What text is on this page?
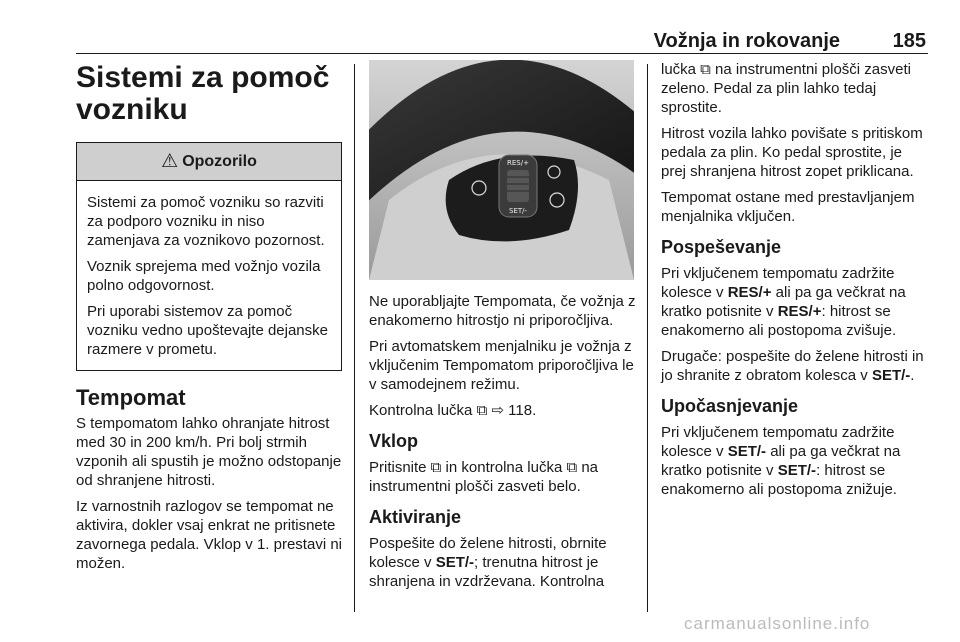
Vožnja in rokovanje	185
Sistemi za pomoč
vozniku
⚠ Opozorilo

Sistemi za pomoč vozniku so razviti za podporo vozniku in niso zamenjava za voznikovo pozornost.

Voznik sprejema med vožnjo vozila polno odgovornost.

Pri uporabi sistemov za pomoč vozniku vedno upoštevajte dejanske razmere v prometu.

Tempomat

S tempomatom lahko ohranjate hitrost med 30 in 200 km/h. Pri bolj strmih vzponih ali spustih je možno odstopanje od shranjene hitrosti.

Iz varnostnih razlogov se tempomat ne aktivira, dokler vsaj enkrat ne pritisnete zavornega pedala. Vklop v 1. prestavi ni možen.

RES/+
SET/-

Ne uporabljajte Tempomata, če vožnja z enakomerno hitrostjo ni priporočljiva.

Pri avtomatskem menjalniku je vožnja z vključenim Tempomatom priporočljiva le v samodejnem režimu.

Kontrolna lučka ⧉ ⇨ 118.

Vklop

Pritisnite ⧉ in kontrolna lučka ⧉ na instrumentni plošči zasveti belo.

Aktiviranje

Pospešite do želene hitrosti, obrnite kolesce v SET/-; trenutna hitrost je shranjena in vzdrževana. Kontrolna

lučka ⧉ na instrumentni plošči zasveti zeleno. Pedal za plin lahko tedaj sprostite.

Hitrost vozila lahko povišate s pritiskom pedala za plin. Ko pedal sprostite, je prej shranjena hitrost zopet priklicana.

Tempomat ostane med prestavljanjem menjalnika vključen.

Pospeševanje

Pri vključenem tempomatu zadržite kolesce v RES/+ ali pa ga večkrat na kratko potisnite v RES/+: hitrost se enakomerno ali postopoma zvišuje.

Drugače: pospešite do želene hitrosti in jo shranite z obratom kolesca v SET/-.

Upočasnjevanje

Pri vključenem tempomatu zadržite kolesce v SET/- ali pa ga večkrat na kratko potisnite v SET/-: hitrost se enakomerno ali postopoma znižuje.

carmanualsonline.info
